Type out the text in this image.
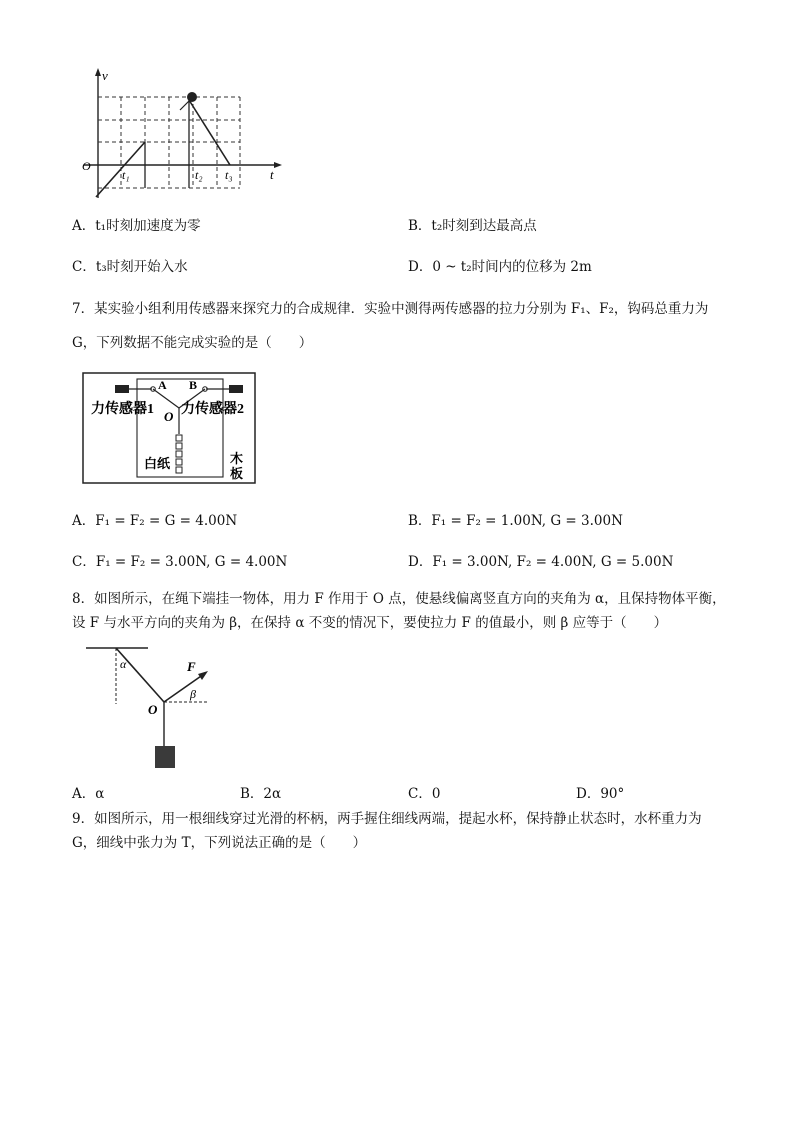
v
O
t
t₁	t₂ t₃
A．t₁时刻加速度为零	B．t₂时刻到达最高点
C．t₃时刻开始入水	D．0 ~ t₂时间内的位移为 2m
7．某实验小组利用传感器来探究力的合成规律．实验中测得两传感器的拉力分别为 F₁、F₂，钩码总重力为
G，下列数据不能完成实验的是（　　）
A B
O
力传感器1 力传感器2
白纸	木
板
A．F₁ = F₂ = G = 4.00N	B．F₁ = F₂ = 1.00N, G = 3.00N
C．F₁ = F₂ = 3.00N, G = 4.00N	D．F₁ = 3.00N, F₂ = 4.00N, G = 5.00N
8．如图所示，在绳下端挂一物体，用力 F 作用于 O 点，使悬线偏离竖直方向的夹角为 α，且保持物体平衡，
设 F 与水平方向的夹角为 β，在保持 α 不变的情况下，要使拉力 F 的值最小，则 β 应等于（　　）
α	F
β
O
A．α	B．2α	C．0	D．90°
9．如图所示，用一根细线穿过光滑的杯柄，两手握住细线两端，提起水杯，保持静止状态时，水杯重力为
G，细线中张力为 T，下列说法正确的是（　　）
